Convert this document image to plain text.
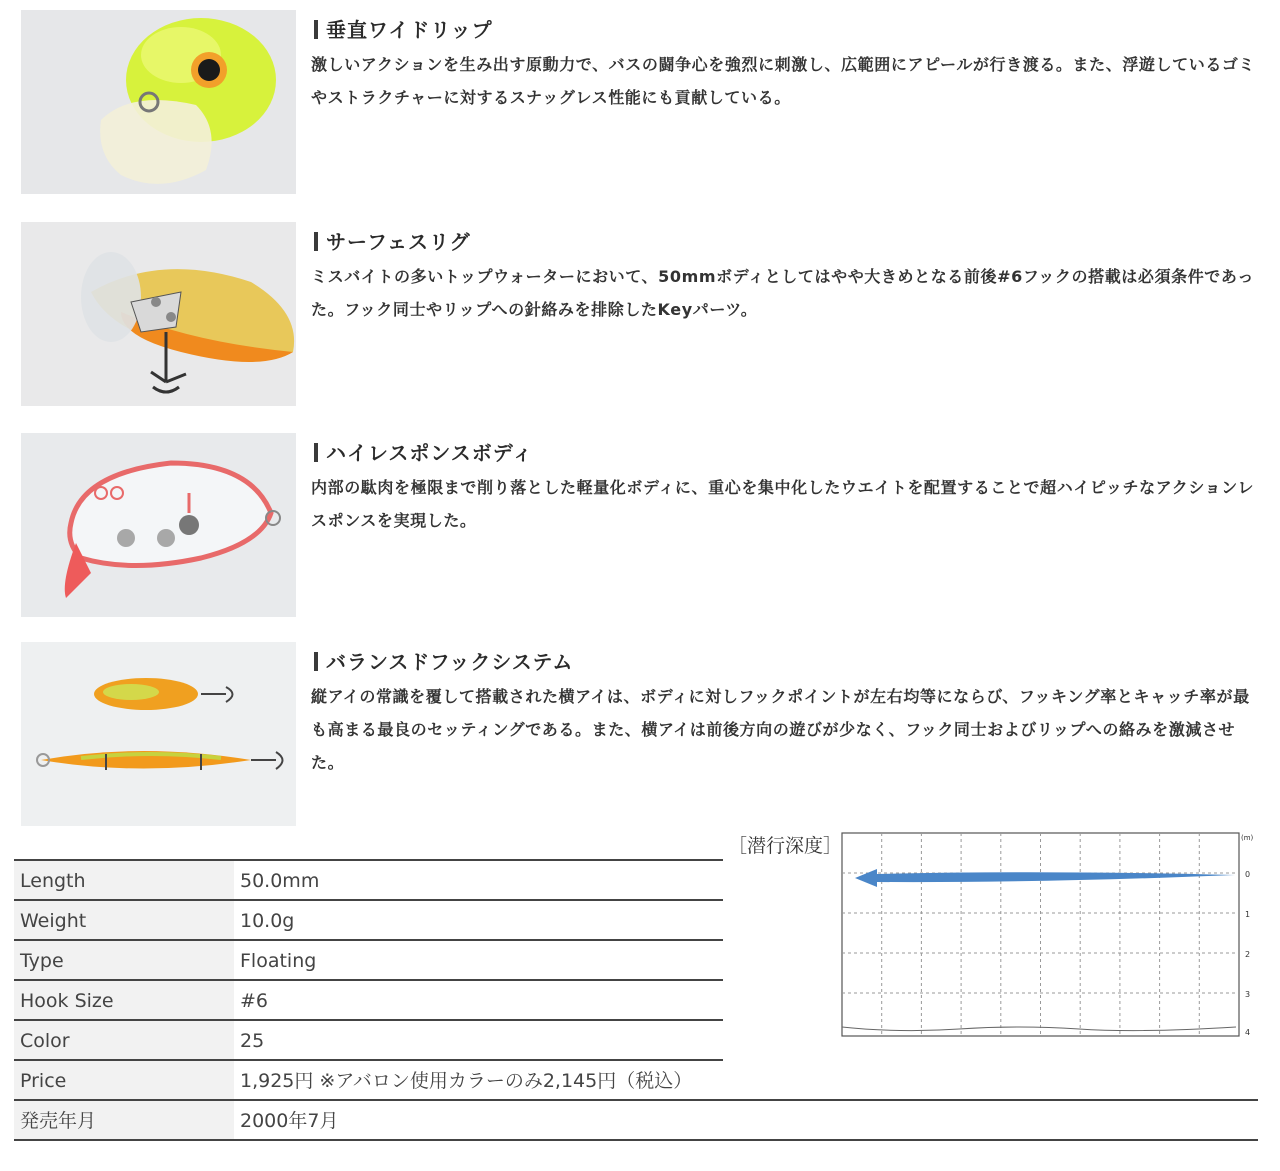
垂直ワイドリップ

激しいアクションを生み出す原動力で、バスの闘争心を強烈に刺激し、広範囲にアピールが行き渡る。また、浮遊しているゴミやストラクチャーに対するスナッグレス性能にも貢献している。

サーフェスリグ

ミスバイトの多いトップウォーターにおいて、50mmボディとしてはやや大きめとなる前後#6フックの搭載は必須条件であった。フック同士やリップへの針絡みを排除したKeyパーツ。

ハイレスポンスボディ

内部の駄肉を極限まで削り落とした軽量化ボディに、重心を集中化したウエイトを配置することで超ハイピッチなアクションレスポンスを実現した。

バランスドフックシステム

縦アイの常識を覆して搭載された横アイは、ボディに対しフックポイントが左右均等にならび、フッキング率とキャッチ率が最も高まる最良のセッティングである。また、横アイは前後方向の遊びが少なく、フック同士およびリップへの絡みを激減させた。

Length	50.0mm
Weight	10.0g
Type	Floating
Hook Size	#6
Color	25
Price	1,925円 ※アバロン使用カラーのみ2,145円（税込）
発売年月	2000年7月
［潜行深度］	(m)
0
1
2
3
4
